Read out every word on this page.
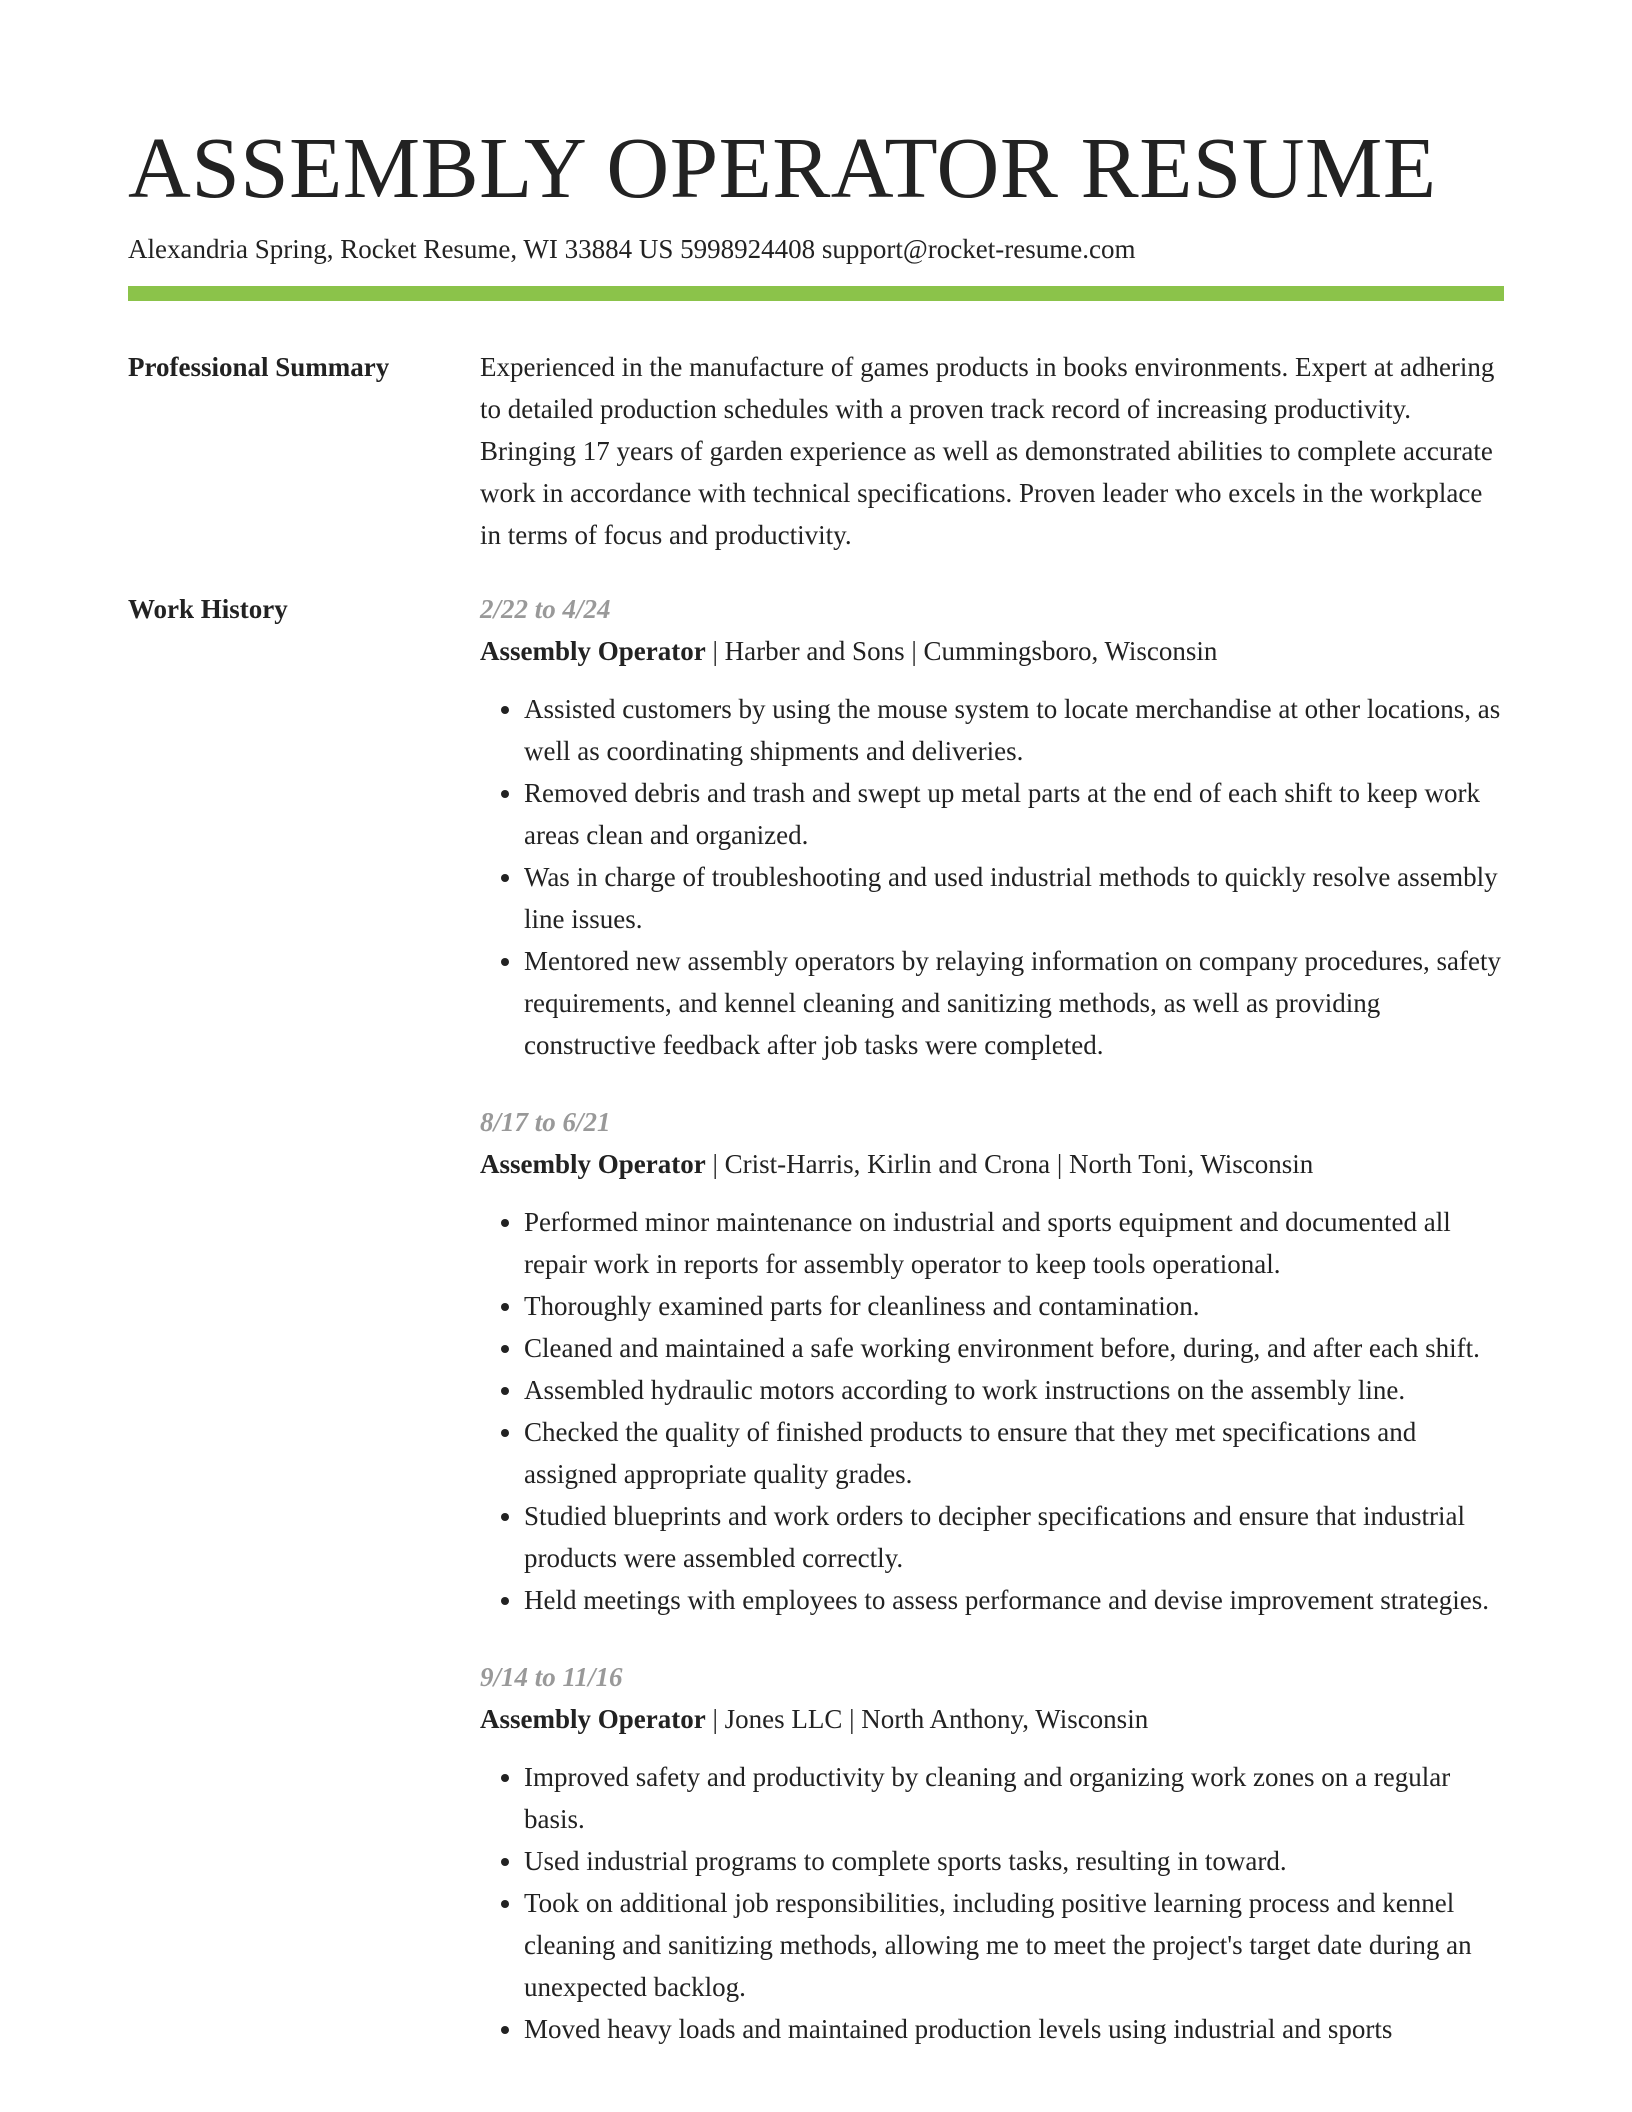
ASSEMBLY OPERATOR RESUME
Alexandria Spring, Rocket Resume, WI 33884 US 5998924408 support@rocket-resume.com
Professional Summary	Experienced in the manufacture of games products in books environments. Expert at adhering to detailed production schedules with a proven track record of increasing productivity. Bringing 17 years of garden experience as well as demonstrated abilities to complete accurate work in accordance with technical specifications. Proven leader who excels in the workplace in terms of focus and productivity.

Work History	2/22 to 4/24
Assembly Operator | Harber and Sons | Cummingsboro, Wisconsin
• Assisted customers by using the mouse system to locate merchandise at other locations, as well as coordinating shipments and deliveries.
• Removed debris and trash and swept up metal parts at the end of each shift to keep work areas clean and organized.
• Was in charge of troubleshooting and used industrial methods to quickly resolve assembly line issues.
• Mentored new assembly operators by relaying information on company procedures, safety requirements, and kennel cleaning and sanitizing methods, as well as providing constructive feedback after job tasks were completed.
8/17 to 6/21
Assembly Operator | Crist-Harris, Kirlin and Crona | North Toni, Wisconsin
• Performed minor maintenance on industrial and sports equipment and documented all repair work in reports for assembly operator to keep tools operational.
• Thoroughly examined parts for cleanliness and contamination.
• Cleaned and maintained a safe working environment before, during, and after each shift.
• Assembled hydraulic motors according to work instructions on the assembly line.
• Checked the quality of finished products to ensure that they met specifications and assigned appropriate quality grades.
• Studied blueprints and work orders to decipher specifications and ensure that industrial products were assembled correctly.
• Held meetings with employees to assess performance and devise improvement strategies.
9/14 to 11/16
Assembly Operator | Jones LLC | North Anthony, Wisconsin
• Improved safety and productivity by cleaning and organizing work zones on a regular basis.
• Used industrial programs to complete sports tasks, resulting in toward.
• Took on additional job responsibilities, including positive learning process and kennel cleaning and sanitizing methods, allowing me to meet the project's target date during an unexpected backlog.
• Moved heavy loads and maintained production levels using industrial and sports
